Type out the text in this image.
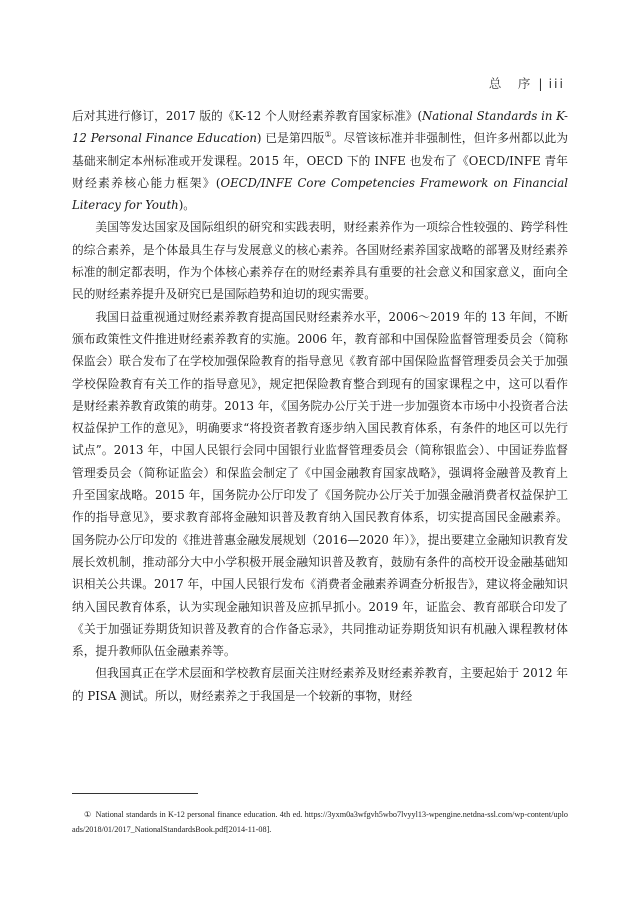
总　序 | iii

后对其进行修订，2017 版的《K-12 个人财经素养教育国家标准》(National Standards in K-12 Personal Finance Education) 已是第四版①。尽管该标准并非强制性，但许多州都以此为基础来制定本州标准或开发课程。2015 年，OECD 下的 INFE 也发布了《OECD/INFE 青年财经素养核心能力框架》(OECD/INFE Core Competencies Framework on Financial Literacy for Youth)。

美国等发达国家及国际组织的研究和实践表明，财经素养作为一项综合性较强的、跨学科性的综合素养，是个体最具生存与发展意义的核心素养。各国财经素养国家战略的部署及财经素养标准的制定都表明，作为个体核心素养存在的财经素养具有重要的社会意义和国家意义，面向全民的财经素养提升及研究已是国际趋势和迫切的现实需要。

我国日益重视通过财经素养教育提高国民财经素养水平，2006～2019 年的 13 年间，不断颁布政策性文件推进财经素养教育的实施。2006 年，教育部和中国保险监督管理委员会（简称保监会）联合发布了在学校加强保险教育的指导意见《教育部中国保险监督管理委员会关于加强学校保险教育有关工作的指导意见》，规定把保险教育整合到现有的国家课程之中，这可以看作是财经素养教育政策的萌芽。2013 年，《国务院办公厅关于进一步加强资本市场中小投资者合法权益保护工作的意见》，明确要求“将投资者教育逐步纳入国民教育体系，有条件的地区可以先行试点”。2013 年，中国人民银行会同中国银行业监督管理委员会（简称银监会）、中国证券监督管理委员会（简称证监会）和保监会制定了《中国金融教育国家战略》，强调将金融普及教育上升至国家战略。2015 年，国务院办公厅印发了《国务院办公厅关于加强金融消费者权益保护工作的指导意见》，要求教育部将金融知识普及教育纳入国民教育体系，切实提高国民金融素养。国务院办公厅印发的《推进普惠金融发展规划（2016—2020 年）》，提出要建立金融知识教育发展长效机制，推动部分大中小学积极开展金融知识普及教育，鼓励有条件的高校开设金融基础知识相关公共课。2017 年，中国人民银行发布《消费者金融素养调查分析报告》，建议将金融知识纳入国民教育体系，认为实现金融知识普及应抓早抓小。2019 年，证监会、教育部联合印发了《关于加强证券期货知识普及教育的合作备忘录》，共同推动证券期货知识有机融入课程教材体系，提升教师队伍金融素养等。

但我国真正在学术层面和学校教育层面关注财经素养及财经素养教育，主要起始于 2012 年的 PISA 测试。所以，财经素养之于我国是一个较新的事物，财经

① National standards in K-12 personal finance education. 4th ed. https://3yxm0a3wfgvh5wbo7lvyyl13-wpengine.netdna-ssl.com/wp-content/uploads/2018/01/2017_NationalStandardsBook.pdf[2014-11-08].
